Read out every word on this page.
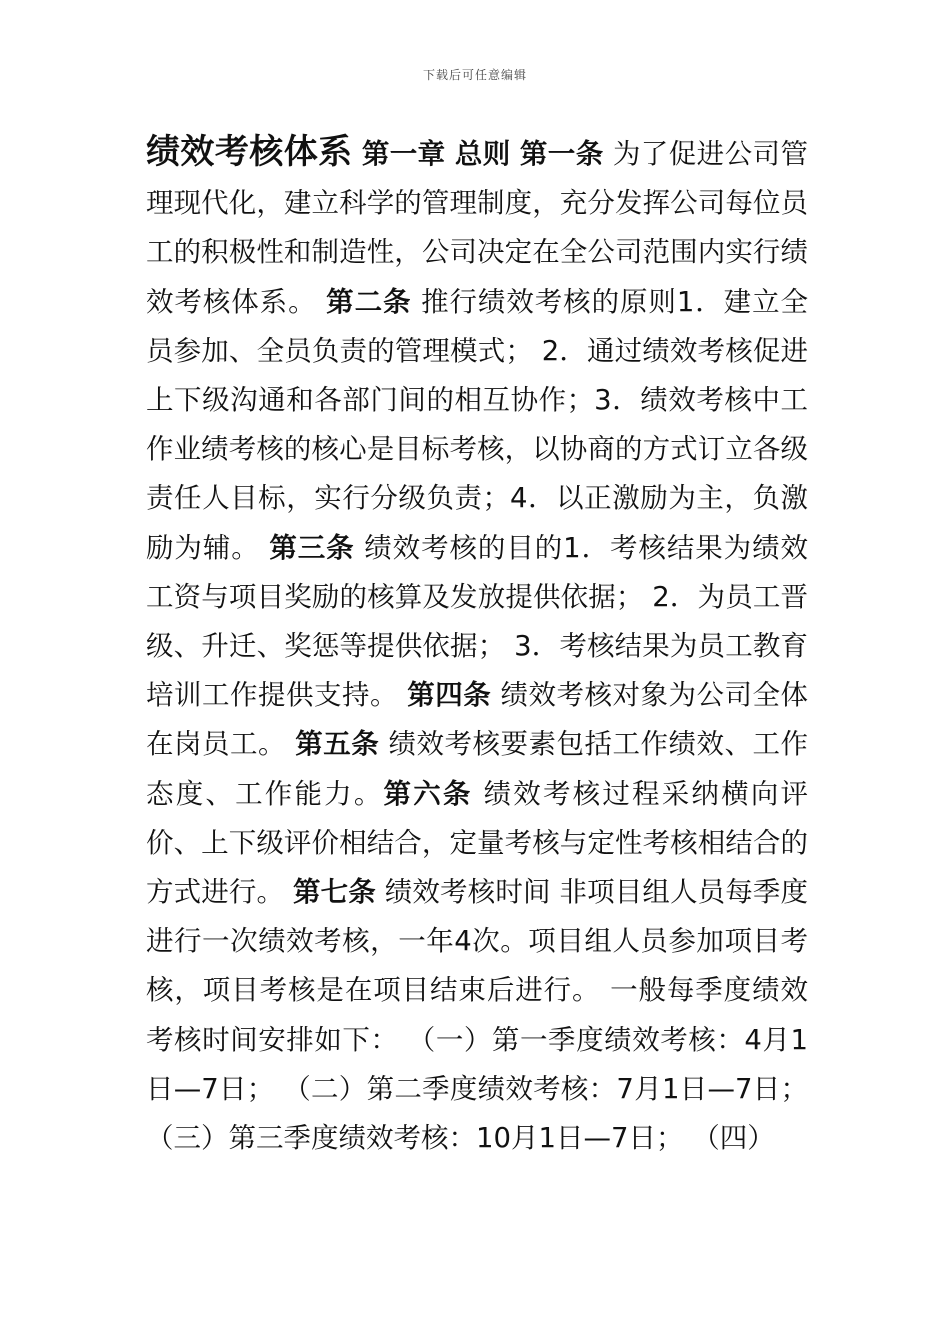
下载后可任意编辑

绩效考核体系 第一章 总则 第一条 为了促进公司管理现代化，建立科学的管理制度，充分发挥公司每位员工的积极性和制造性，公司决定在全公司范围内实行绩效考核体系。 第二条 推行绩效考核的原则1．建立全员参加、全员负责的管理模式； 2．通过绩效考核促进上下级沟通和各部门间的相互协作；3．绩效考核中工作业绩考核的核心是目标考核，以协商的方式订立各级责任人目标，实行分级负责；4．以正激励为主，负激励为辅。 第三条 绩效考核的目的1．考核结果为绩效工资与项目奖励的核算及发放提供依据； 2．为员工晋级、升迁、奖惩等提供依据； 3．考核结果为员工教育培训工作提供支持。 第四条 绩效考核对象为公司全体在岗员工。 第五条 绩效考核要素包括工作绩效、工作态度、工作能力。第六条 绩效考核过程采纳横向评价、上下级评价相结合，定量考核与定性考核相结合的方式进行。 第七条 绩效考核时间 非项目组人员每季度进行一次绩效考核，一年4次。项目组人员参加项目考核，项目考核是在项目结束后进行。 一般每季度绩效考核时间安排如下： （一）第一季度绩效考核：4月1日—7日； （二）第二季度绩效考核：7月1日—7日；（三）第三季度绩效考核：10月1日—7日； （四）
